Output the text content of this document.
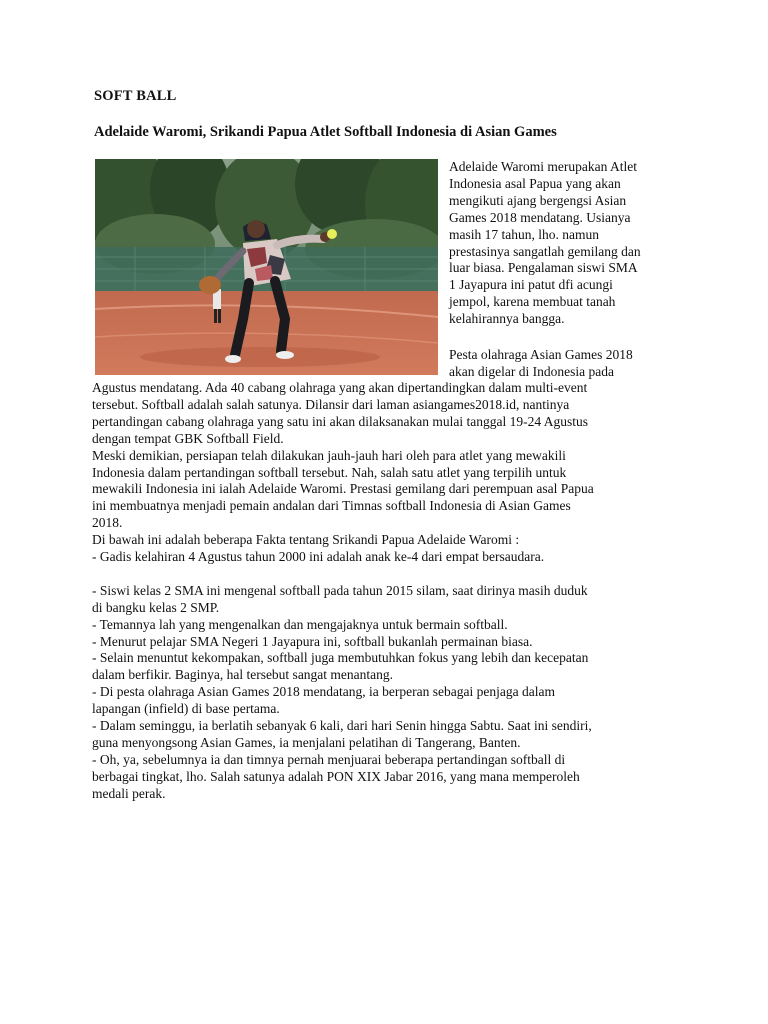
SOFT BALL
Adelaide Waromi, Srikandi Papua Atlet Softball Indonesia di Asian Games

Adelaide Waromi merupakan Atlet

Indonesia asal Papua yang akan

mengikuti ajang bergengsi Asian

Games 2018 mendatang. Usianya

masih 17 tahun, lho. namun

prestasinya sangatlah gemilang dan

luar biasa. Pengalaman siswi SMA

1 Jayapura ini patut dfi acungi

jempol, karena membuat tanah

kelahirannya bangga.

Pesta olahraga Asian Games 2018

akan digelar di Indonesia pada

Agustus mendatang. Ada 40 cabang olahraga yang akan dipertandingkan dalam multi-event

tersebut. Softball adalah salah satunya. Dilansir dari laman asiangames2018.id, nantinya

pertandingan cabang olahraga yang satu ini akan dilaksanakan mulai tanggal 19-24 Agustus

dengan tempat GBK Softball Field.

Meski demikian, persiapan telah dilakukan jauh-jauh hari oleh para atlet yang mewakili

Indonesia dalam pertandingan softball tersebut. Nah, salah satu atlet yang terpilih untuk

mewakili Indonesia ini ialah Adelaide Waromi. Prestasi gemilang dari perempuan asal Papua

ini membuatnya menjadi pemain andalan dari Timnas softball Indonesia di Asian Games

2018.

Di bawah ini adalah beberapa Fakta tentang Srikandi Papua Adelaide Waromi :

- Gadis kelahiran 4 Agustus tahun 2000 ini adalah anak ke-4 dari empat bersaudara.

- Siswi kelas 2 SMA ini mengenal softball pada tahun 2015 silam, saat dirinya masih duduk

di bangku kelas 2 SMP.

- Temannya lah yang mengenalkan dan mengajaknya untuk bermain softball.

- Menurut pelajar SMA Negeri 1 Jayapura ini, softball bukanlah permainan biasa.

- Selain menuntut kekompakan, softball juga membutuhkan fokus yang lebih dan kecepatan

dalam berfikir. Baginya, hal tersebut sangat menantang.

- Di pesta olahraga Asian Games 2018 mendatang, ia berperan sebagai penjaga dalam

lapangan (infield) di base pertama.

- Dalam seminggu, ia berlatih sebanyak 6 kali, dari hari Senin hingga Sabtu. Saat ini sendiri,

guna menyongsong Asian Games, ia menjalani pelatihan di Tangerang, Banten.

- Oh, ya, sebelumnya ia dan timnya pernah menjuarai beberapa pertandingan softball di

berbagai tingkat, lho. Salah satunya adalah PON XIX Jabar 2016, yang mana memperoleh

medali perak.
